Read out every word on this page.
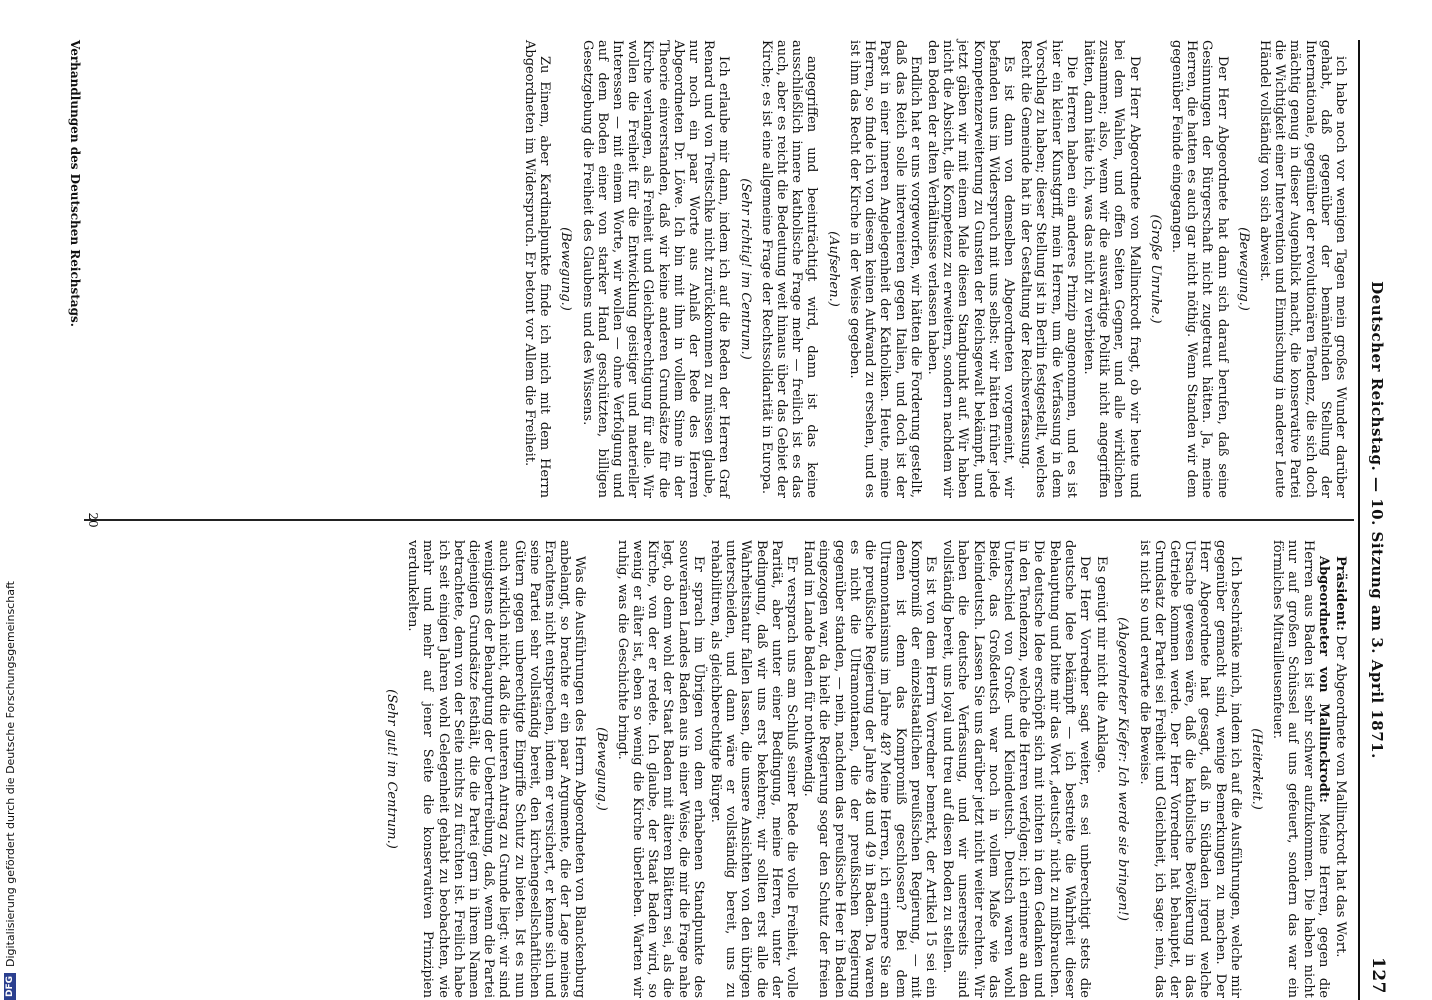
Deutscher Reichstag. — 10. Sitzung am 3. April 1871.
127

ich habe noch vor wenigen Tagen mein großes Wunder darüber gehabt, daß gegenüber der bemäntelnden Stellung der Internationale, gegenüber der revolutionären Tendenz, die sich doch mächtig genug in dieser Augenblick macht, die konservative Partei die Wichtigkeit einer Intervention und Einmischung in anderer Leute Händel vollständig von sich abweist.

(Bewegung.)

Der Herr Abgeordnete hat dann sich darauf berufen, daß seine Gesinnungen der Bürgerschaft nicht zugetraut hätten. Ja, meine Herren, die hatten es auch gar nicht nöthig. Wenn Standen wir dem gegenüber Feinde eingegangen.

(Große Unruhe.)

Der Herr Abgeordnete von Mallinckrodt fragt, ob wir heute und bei dem Wahlen, und offen Seiten Gegner, und alle wirklichen zusammen; also, wenn wir die auswärtige Politik nicht angegriffen hätten, dann hätte ich, was das nicht zu verbieten.

Die Herren haben ein anderes Prinzip angenommen, und es ist hier ein kleiner Kunstgriff, mein Herren, um die Verfassung in dem Vorschlag zu haben; dieser Stellung ist in Berlin festgestellt, welches Recht die Gemeinde hat in der Gestaltung der Reichsverfassung.

Es ist dann von demselben Abgeordneten vorgemeint, wir befanden uns im Widerspruch mit uns selbst: wir hätten früher jede Kompetenzerweiterung zu Gunsten der Reichsgewalt bekämpft, und jetzt gäben wir mit einem Male diesen Standpunkt auf. Wir haben nicht die Absicht, die Kompetenz zu erweitern, sondern nachdem wir den Boden der alten Verhältnisse verlassen haben.

Endlich hat er uns vorgeworfen, wir hätten die Forderung gestellt, daß das Reich solle intervenieren gegen Italien, und doch ist der Papst in einer inneren Angelegenheit der Katholiken. Heute, meine Herren, so finde ich von diesem keinen Aufwand zu ersehen, und es ist ihm das Recht der Kirche in der Weise gegeben.

(Aufsehen.)

angegriffen und beeinträchtigt wird, dann ist das keine ausschließlich innere katholische Frage mehr — freilich ist es das auch, aber es reicht die Bedeutung weit hinaus über das Gebiet der Kirche; es ist eine allgemeine Frage der Rechtssolidarität in Europa.

(Sehr richtig! im Centrum.)

Ich erlaube mir dann, indem ich auf die Reden der Herren Graf Renard und von Treitschke nicht zurückkommen zu müssen glaube, nur noch ein paar Worte aus Anlaß der Rede des Herren Abgeordneten Dr. Löwe. Ich bin mit ihm in vollem Sinne in der Theorie einverstanden, daß wir keine anderen Grundsätze für die Kirche verlangen, als Freiheit und Gleichberechtigung für alle. Wir wollen die Freiheit für die Entwicklung geistiger und materieller Interessen — mit einem Worte, wir wollen — ohne Verfolgung und auf dem Boden einer von starker Hand geschützten, billigen Gesetzgebung die Freiheit des Glaubens und des Wissens.

(Bewegung.)

Zu Einem, aber Kardinalpunkte finde ich mich mit dem Herrn Abgeordneten im Widerspruch. Er betont vor Allem die Freiheit.

Präsident: Der Abgeordnete von Mallinckrodt hat das Wort.

Abgeordneter von Mallinckrodt: Meine Herren, gegen die Herren aus Baden ist sehr schwer aufzukommen. Die haben nicht nur auf großen Schüssel auf uns gefeuert, sondern das war ein förmliches Mitrailleusenfeuer.

(Heiterkeit.)

Ich beschränke mich, indem ich auf die Ausführungen, welche mir gegenüber gemacht sind, wenige Bemerkungen zu machen. Der Herr Abgeordnete hat gesagt, daß in Südbaden irgend welche Ursache gewesen wäre, daß die katholische Bevölkerung in das Getriebe kommen werde. Der Herr Vorredner hat behauptet, der Grundsatz der Partei sei Freiheit und Gleichheit, ich sage: nein, das ist nicht so und erwarte die Beweise.

(Abgeordneter Kiefer: Ich werde sie bringen!)

Es genügt mir nicht die Anklage.

Der Herr Vorredner sagt weiter, es sei unberechtigt stets die deutsche Idee bekämpft — ich bestreite die Wahrheit dieser Behauptung und bitte mir das Wort „deutsch“ nicht zu mißbrauchen. Die deutsche Idee erschöpft sich mit nichten in dem Gedanken und in den Tendenzen, welche die Herren verfolgen; ich erinnere an den Unterschied von Groß- und Kleindeutsch. Deutsch waren wohl Beide, das Großdeutsch war noch in vollem Maße wie das Kleindeutsch. Lassen Sie uns darüber jetzt nicht weiter rechten. Wir haben die deutsche Verfassung, und wir unsererseits sind vollständig bereit, uns loyal und treu auf diesen Boden zu stellen.

Es ist von dem Herrn Vorredner bemerkt, der Artikel 15 sei ein Kompromiß der einzelstaatlichen preußischen Regierung, — mit denen ist denn das Kompromiß geschlossen? Bei dem Ultramontanismus im Jahre 48? Meine Herren, ich erinnere Sie an die preußische Regierung der Jahre 48 und 49 in Baden. Da waren es nicht die Ultramontanen, die der preußischen Regierung gegenüber standen, — nein, nachdem das preußische Heer in Baden eingezogen war, da hielt die Regierung sogar den Schutz der freien Hand im Lande Baden für nothwendig.

Er versprach uns am Schluß seiner Rede die volle Freiheit, volle Parität, aber unter einer Bedingung, meine Herren, unter der Bedingung, daß wir uns erst bekehren; wir sollten erst alle die Wahrheitsnatur fallen lassen, die unsere Ansichten von den übrigen unterscheiden, und dann wäre er vollständig bereit, uns zu rehabilitiren, als gleichberechtigte Bürger.

Er sprach im Übrigen von dem erhabenen Standpunkte des souveränen Landes Baden aus in einer Weise, die mir die Frage nahe legt, ob denn wohl der Staat Baden mit älteren Blättern sei, als die Kirche, von der er redete. Ich glaube, der Staat Baden wird, so wenig er älter ist, eben so wenig die Kirche überleben. Warten wir ruhig, was die Geschichte bringt.

(Bewegung.)

Was die Ausführungen des Herrn Abgeordneten von Blanckenburg anbelangt, so brachte er ein paar Argumente, die der Lage meines Erachtens nicht entsprechen, indem er versichert, er kenne sich und seine Partei sehr vollständig bereit, den kirchengesellschaftlichen Gütern gegen unberechtigte Eingriffe Schutz zu bieten. Ist es nun auch wirklich nicht, daß die unteren Antrag zu Grunde liegt: wir sind wenigstens der Behauptung der Uebertreibung, daß, wenn die Partei diejenigen Grundsätze festhält, die die Partei gern in ihrem Namen betrachtete, denn von der Seite nichts zu fürchten ist. Freilich habe ich seit einigen Jahren wohl Gelegenheit gehabt zu beobachten, wie mehr und mehr auf jener Seite die konservativen Prinzipien verdunkelten.

(Sehr gut! im Centrum.)

20
Verhandlungen des Deutschen Reichstags.
DFG
Digitalisierung gefördert durch die Deutsche Forschungsgemeinschaft
